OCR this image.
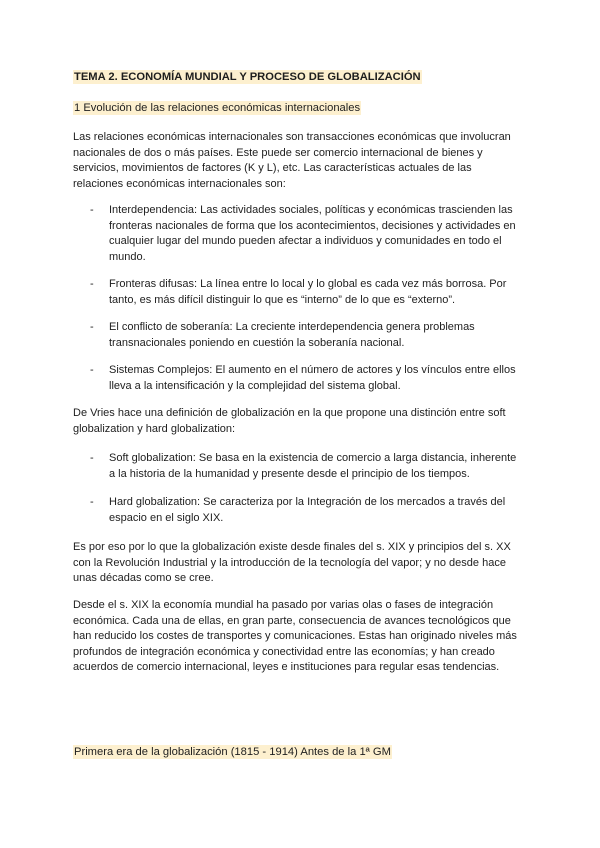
TEMA 2. ECONOMÍA MUNDIAL Y PROCESO DE GLOBALIZACIÓN
1 Evolución de las relaciones económicas internacionales

Las relaciones económicas internacionales son transacciones económicas que involucran nacionales de dos o más países. Este puede ser comercio internacional de bienes y servicios, movimientos de factores (K y L), etc. Las características actuales de las relaciones económicas internacionales son:

- Interdependencia: Las actividades sociales, políticas y económicas trascienden las fronteras nacionales de forma que los acontecimientos, decisiones y actividades en cualquier lugar del mundo pueden afectar a individuos y comunidades en todo el mundo.
- Fronteras difusas: La línea entre lo local y lo global es cada vez más borrosa. Por tanto, es más difícil distinguir lo que es “interno” de lo que es “externo”.
- El conflicto de soberanía: La creciente interdependencia genera problemas transnacionales poniendo en cuestión la soberanía nacional.
- Sistemas Complejos: El aumento en el número de actores y los vínculos entre ellos lleva a la intensificación y la complejidad del sistema global.

De Vries hace una definición de globalización en la que propone una distinción entre soft globalization y hard globalization:

- Soft globalization: Se basa en la existencia de comercio a larga distancia, inherente a la historia de la humanidad y presente desde el principio de los tiempos.
- Hard globalization: Se caracteriza por la Integración de los mercados a través del espacio en el siglo XIX.

Es por eso por lo que la globalización existe desde finales del s. XIX y principios del s. XX con la Revolución Industrial y la introducción de la tecnología del vapor; y no desde hace unas décadas como se cree.

Desde el s. XIX la economía mundial ha pasado por varias olas o fases de integración económica. Cada una de ellas, en gran parte, consecuencia de avances tecnológicos que han reducido los costes de transportes y comunicaciones. Estas han originado niveles más profundos de integración económica y conectividad entre las economías; y han creado acuerdos de comercio internacional, leyes e instituciones para regular esas tendencias.

Primera era de la globalización (1815 - 1914) Antes de la 1ª GM
